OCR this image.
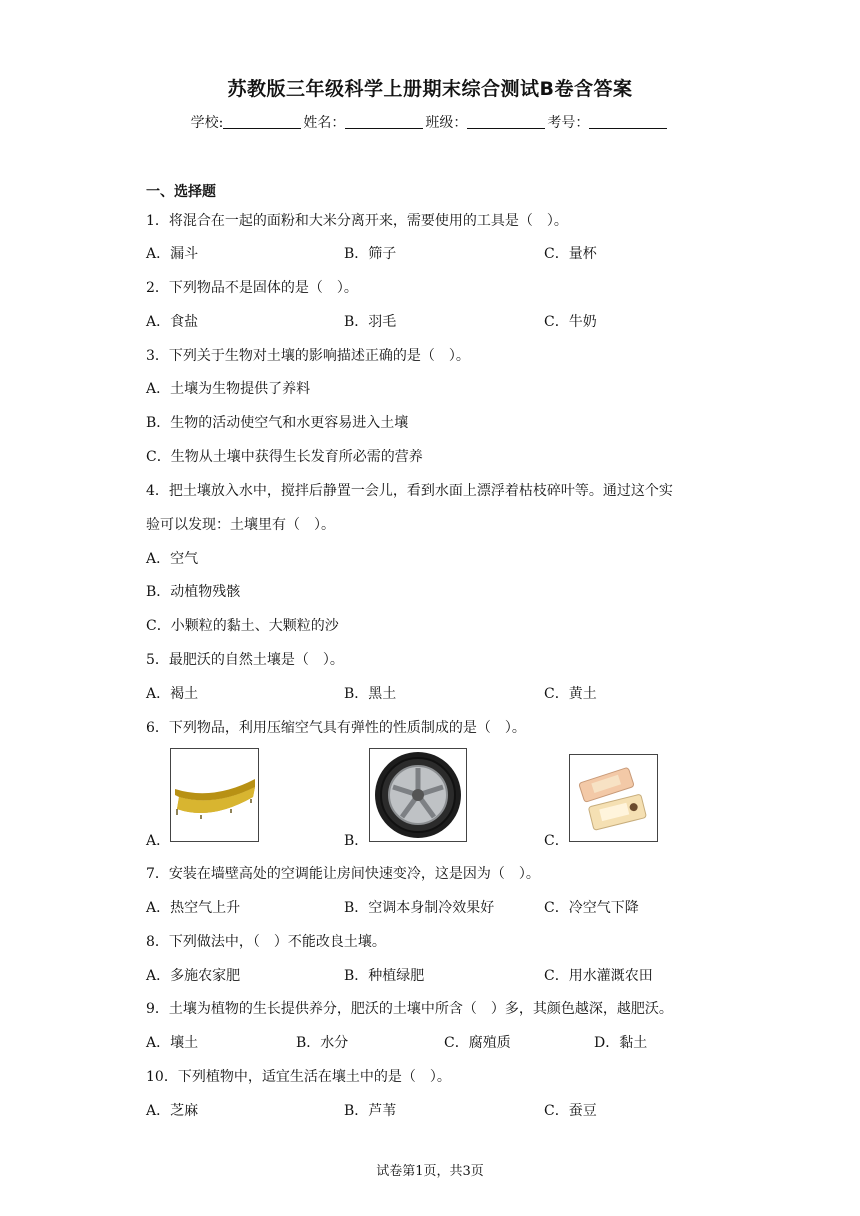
苏教版三年级科学上册期末综合测试B卷含答案
学校:	姓名：	班级：	考号：
一、选择题
1．将混合在一起的面粉和大米分离开来，需要使用的工具是（　）。
A．漏斗	B．筛子	C．量杯
2．下列物品不是固体的是（　）。
A．食盐	B．羽毛	C．牛奶
3．下列关于生物对土壤的影响描述正确的是（　）。
A．土壤为生物提供了养料
B．生物的活动使空气和水更容易进入土壤
C．生物从土壤中获得生长发育所必需的营养
4．把土壤放入水中，搅拌后静置一会儿，看到水面上漂浮着枯枝碎叶等。通过这个实
验可以发现：土壤里有（　）。
A．空气
B．动植物残骸
C．小颗粒的黏土、大颗粒的沙
5．最肥沃的自然土壤是（　）。
A．褐土	B．黑土	C．黄土
6．下列物品，利用压缩空气具有弹性的性质制成的是（　）。
A．	B．	C．
7．安装在墙壁高处的空调能让房间快速变冷，这是因为（　）。
A．热空气上升	B．空调本身制冷效果好	C．冷空气下降
8．下列做法中，（　）不能改良土壤。
A．多施农家肥	B．种植绿肥	C．用水灌溉农田
9．土壤为植物的生长提供养分，肥沃的土壤中所含（　）多，其颜色越深，越肥沃。
A．壤土	B．水分	C．腐殖质	D．黏土
10．下列植物中，适宜生活在壤土中的是（　）。
A．芝麻	B．芦苇	C．蚕豆
试卷第1页，共3页
